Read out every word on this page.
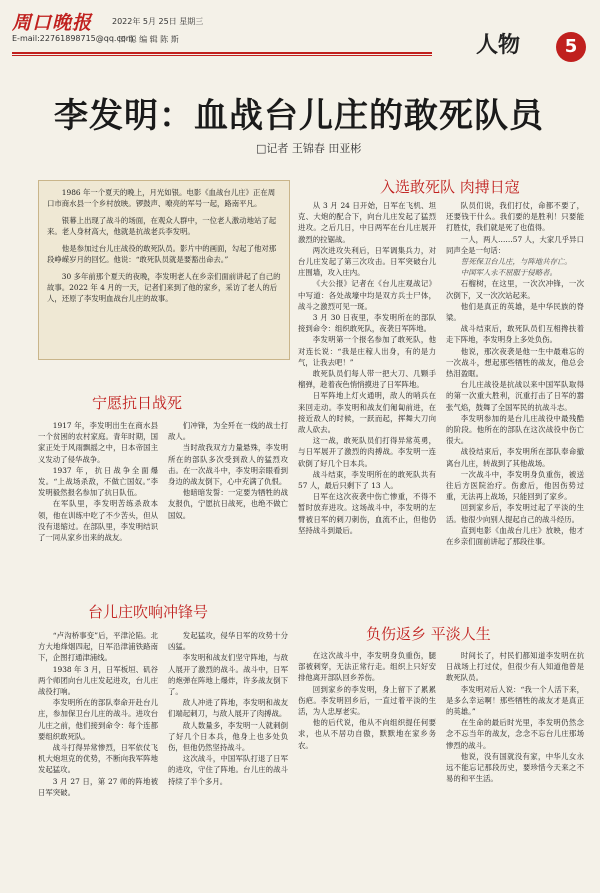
周口晚报 2022年 5月 25日 星期三
E-mail:227618987​15@qq.com
田 聪 编 辑 陈 斯	人物	5
李发明：血战台儿庄的敢死队员
□记者 王锦春 田亚彬

1986 年一个夏天的晚上，月光如银。电影《血战台儿庄》正在周口市商水县一个乡村放映。锣鼓声、嘹亮的军号一起，路南平凡。

银幕上出现了战斗的场面，在观众人群中，一位老人激动地站了起来。老人身材高大，他就是抗战老兵李发明。

他是参加过台儿庄战役的敢死队员。影片中的画面，勾起了他对那段峥嵘岁月的回忆。他说：“敢死队员就是要豁出命去。”

30 多年前那个夏天的夜晚，李发明老人在乡亲们面前讲起了自己的故事。2022 年 4 月的一天，记者们来到了他的家乡，采访了老人的后人，还原了李发明血战台儿庄的故事。

入选敢死队 肉搏日寇
宁愿抗日战死
台儿庄吹响冲锋号
负伤返乡 平淡人生

1917 年，李发明出生在商水县一个贫困的农村家庭。青年时期，国家正处于风雨飘摇之中，日本帝国主义发动了侵华战争。

1937 年，抗日战争全面爆发。“上战场杀敌，不做亡国奴。”李发明毅然报名参加了抗日队伍。

在军队里，李发明苦练杀敌本领，他在训练中吃了不少苦头，但从没有退缩过。在部队里，李发明结识了一同从家乡出来的战友。

们冲锋，为全歼在一线的战士打敌人。

当时敌我双方力量悬殊，李发明所在的部队多次受到敌人的猛烈攻击。在一次战斗中，李发明亲眼看到身边的战友倒下，心中充满了仇恨。

他暗暗发誓：一定要为牺牲的战友报仇，宁愿抗日战死，也绝不做亡国奴。

“卢沟桥事变”后，平津沦陷。北方大地烽烟四起，日军沿津浦铁路南下，企图打通津浦线。

1938 年 3 月，日军板垣、矶谷两个师团向台儿庄发起进攻，台儿庄战役打响。

李发明所在的部队奉命开赴台儿庄，参加保卫台儿庄的战斗。进攻台儿庄之前，他们接到命令：每个连都要组织敢死队。

战斗打得异常惨烈，日军依仗飞机大炮坦克的优势，不断向我军阵地发起猛攻。

3 月 27 日，第 27 师的阵地被日军突破。

发起猛攻，侵华日军的攻势十分凶猛。

李发明和战友们坚守阵地，与敌人展开了激烈的战斗。战斗中，日军的炮弹在阵地上爆炸，许多战友倒下了。

敌人冲进了阵地，李发明和战友们端起刺刀，与敌人展开了肉搏战。

敌人数量多，李发明一人就刺倒了好几个日本兵，他身上也多处负伤，但他仍然坚持战斗。

这次战斗，中国军队打退了日军的进攻，守住了阵地。台儿庄的战斗持续了半个多月。

从 3 月 24 日开始，日军在飞机、坦克、大炮的配合下，向台儿庄发起了猛烈进攻。之后几日，中日两军在台儿庄展开激烈的拉锯战。

两次进攻失利后，日军调集兵力，对台儿庄发起了第三次攻击。日军突破台儿庄围墙，攻入庄内。

《大公报》记者在《台儿庄观战记》中写道：各处战壕中均是双方兵士尸体，战斗之激烈可见一斑。

3 月 30 日夜里，李发明所在的部队接到命令：组织敢死队，夜袭日军阵地。

李发明第一个报名参加了敢死队，他对连长说：“我是庄稼人出身，有的是力气，让我去吧！”

敢死队员们每人带一把大刀、几颗手榴弹，趁着夜色悄悄摸进了日军阵地。

日军阵地上灯火通明，敌人的哨兵在来回走动。李发明和战友们匍匐前进，在接近敌人的时候，一跃而起，挥舞大刀向敌人砍去。

这一战，敢死队员们打得异常英勇，与日军展开了激烈的肉搏战。李发明一连砍倒了好几个日本兵。

战斗结束，李发明所在的敢死队共有 57 人，最后只剩下了 13 人。

日军在这次夜袭中伤亡惨重，不得不暂时放弃进攻。这场战斗中，李发明的左臂被日军的刺刀刺伤，血流不止，但他仍坚持战斗到最后。

队员们说，我们打仗，命都不要了，还要钱干什么。我们要的是胜利！只要能打胜仗，我们就是死了也值得。

一人，两人……57 人，大家几乎异口同声全是一句话：

誓死保卫台儿庄，与阵地共存亡。

中国军人永不屈服于侵略者。

石榴树，在这里，一次次冲锋，一次次倒下，又一次次站起来。

他们是真正的英雄，是中华民族的脊梁。

战斗结束后，敢死队员们互相搀扶着走下阵地，李发明身上多处负伤。

他说，那次夜袭是他一生中最难忘的一次战斗，想起那些牺牲的战友，他总会热泪盈眶。

台儿庄战役是抗战以来中国军队取得的第一次重大胜利，沉重打击了日军的嚣张气焰，鼓舞了全国军民的抗战斗志。

李发明参加的是台儿庄战役中最残酷的阶段。他所在的部队在这次战役中伤亡很大。

战役结束后，李发明所在部队奉命撤离台儿庄，转战到了其他战场。

一次战斗中，李发明身负重伤，被送往后方医院治疗。伤愈后，他因伤势过重，无法再上战场，只能回到了家乡。

回到家乡后，李发明过起了平淡的生活。他很少向别人提起自己的战斗经历。

直到电影《血战台儿庄》放映，他才在乡亲们面前讲起了那段往事。

在这次战斗中，李发明身负重伤，腿部被刺穿，无法正常行走。组织上只好安排他离开部队回乡养伤。

回到家乡的李发明，身上留下了累累伤疤。李发明回乡后，一直过着平淡的生活，为人忠厚老实。

他的后代说，他从不向组织提任何要求，也从不居功自傲，默默地在家乡务农。

时间长了，村民们都知道李发明在抗日战场上打过仗，但很少有人知道他曾是敢死队员。

李发明对后人说：“我一个人活下来，是多么幸运啊！那些牺牲的战友才是真正的英雄。”

在生命的最后时光里，李发明仍然念念不忘当年的战友，念念不忘台儿庄那场惨烈的战斗。

他说，没有国就没有家，中华儿女永远不能忘记那段历史，要珍惜今天来之不易的和平生活。
